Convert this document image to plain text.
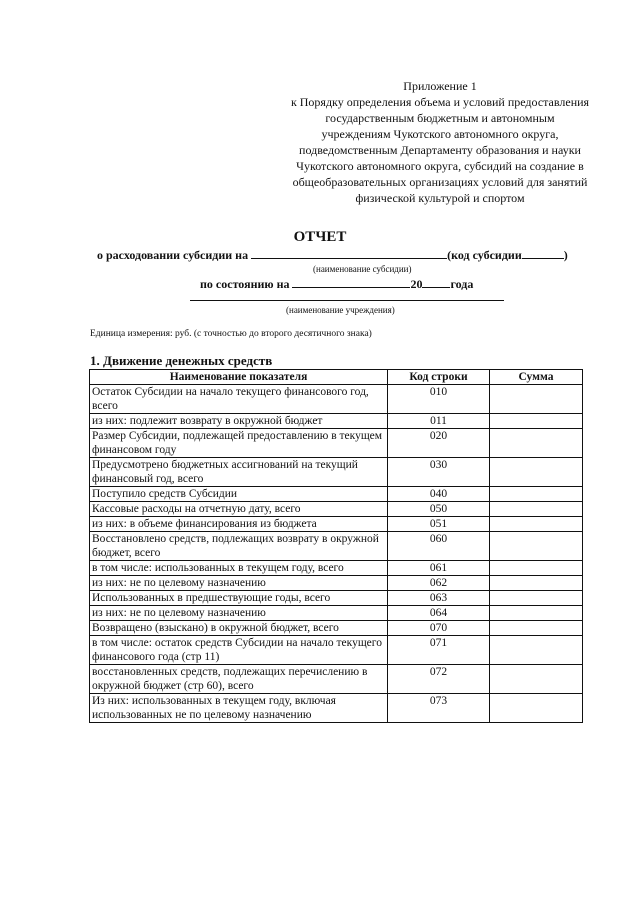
Приложение 1
к Порядку определения объема и условий предоставления
государственным бюджетным и автономным
учреждениям Чукотского автономного округа,
подведомственным Департаменту образования и науки
Чукотского автономного округа, субсидий на создание в
общеобразовательных организациях условий для занятий
физической культурой и спортом
ОТЧЕТ
о расходовании субсидии на	(код субсидии	)
(наименование субсидии)
по состоянию на	20 года
(наименование учреждения)
Единица измерения: руб. (с точностью до второго десятичного знака)
1. Движение денежных средств
Наименование показателя	Код строки	Сумма
Остаток Субсидии на начало текущего финансового год, всего	010	
из них: подлежит возврату в окружной бюджет	011	
Размер Субсидии, подлежащей предоставлению в текущем финансовом году	020	
Предусмотрено бюджетных ассигнований на текущий финансовый год, всего	030	
Поступило средств Субсидии	040	
Кассовые расходы на отчетную дату, всего	050	
из них: в объеме финансирования из бюджета	051	
Восстановлено средств, подлежащих возврату в окружной бюджет, всего	060	
в том числе: использованных в текущем году, всего	061	
из них: не по целевому назначению	062	
Использованных в предшествующие годы, всего	063	
из них: не по целевому назначению	064	
Возвращено (взыскано) в окружной бюджет, всего	070	
в том числе: остаток средств Субсидии на начало текущего финансового года (стр 11)	071	
восстановленных средств, подлежащих перечислению в окружной бюджет (стр 60), всего	072	
Из них: использованных в текущем году, включая использованных не по целевому назначению	073	
